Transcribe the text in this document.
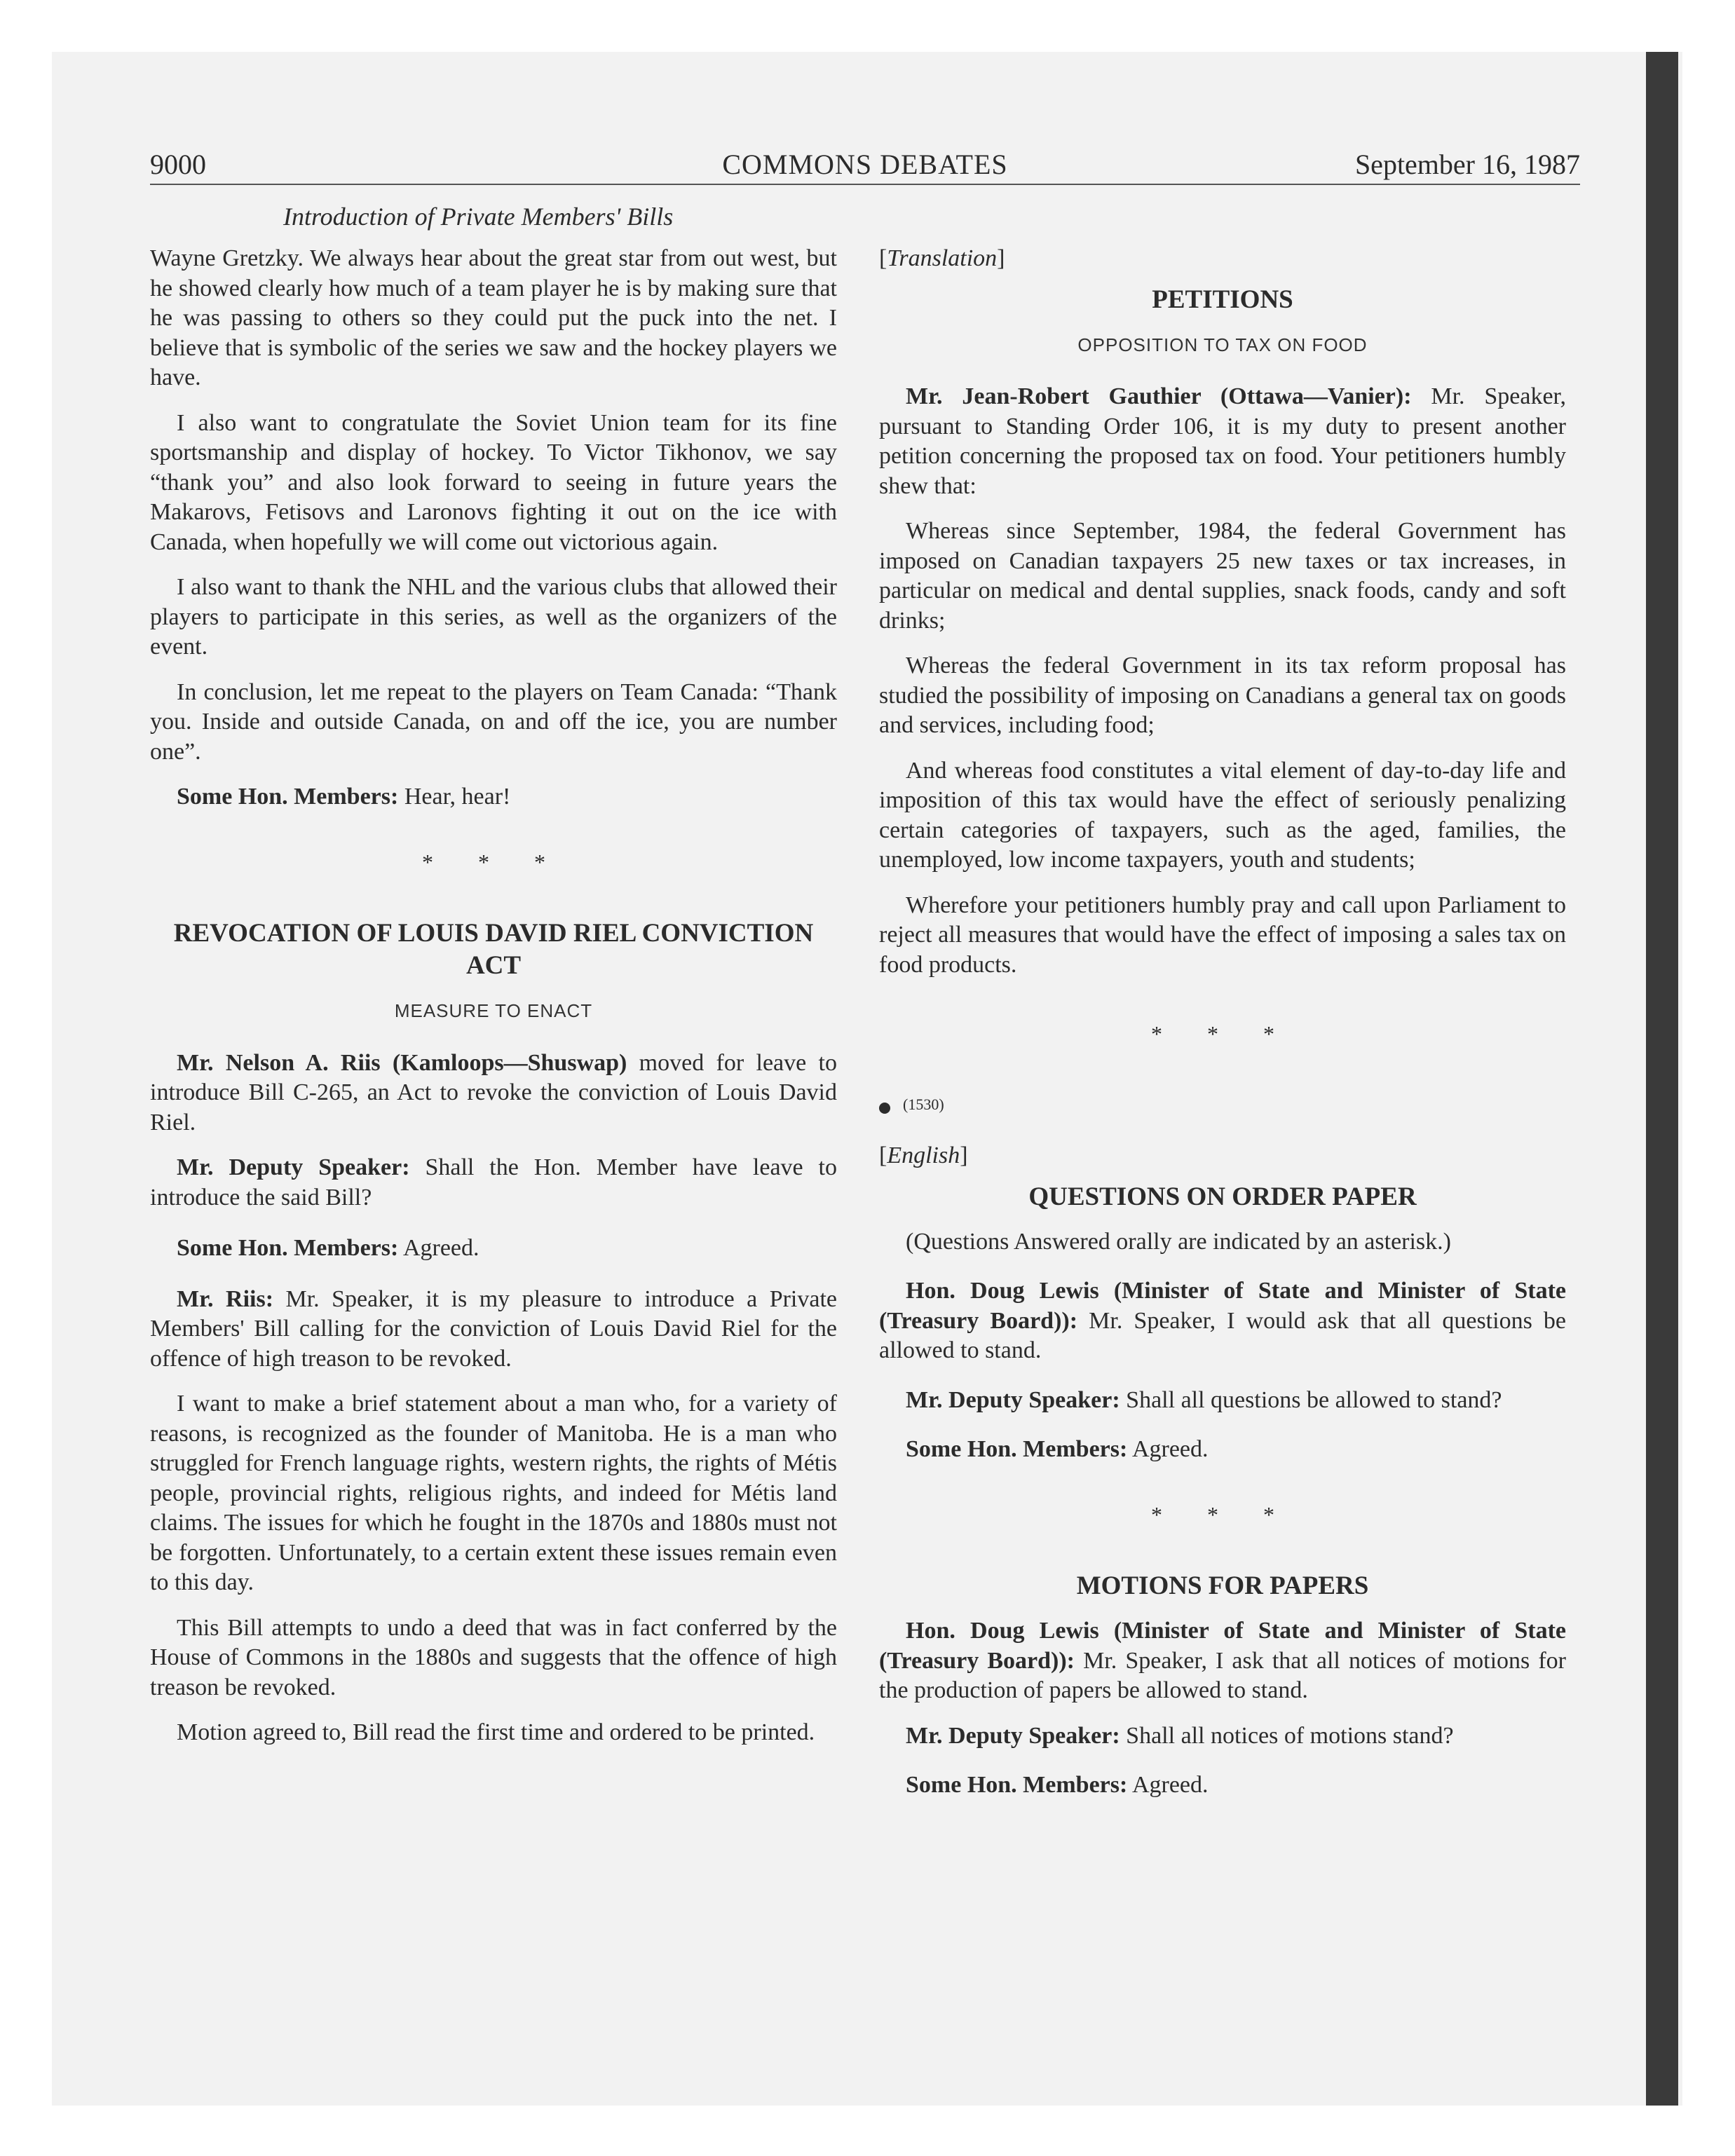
9000	COMMONS DEBATES	September 16, 1987
Introduction of Private Members' Bills

Wayne Gretzky. We always hear about the great star from out west, but he showed clearly how much of a team player he is by making sure that he was passing to others so they could put the puck into the net. I believe that is symbolic of the series we saw and the hockey players we have.

I also want to congratulate the Soviet Union team for its fine sportsmanship and display of hockey. To Victor Tikhonov, we say “thank you” and also look forward to seeing in future years the Makarovs, Fetisovs and Laronovs fighting it out on the ice with Canada, when hopefully we will come out victorious again.

I also want to thank the NHL and the various clubs that allowed their players to participate in this series, as well as the organizers of the event.

In conclusion, let me repeat to the players on Team Canada: “Thank you. Inside and outside Canada, on and off the ice, you are number one”.

Some Hon. Members: Hear, hear!

* * *
REVOCATION OF LOUIS DAVID RIEL CONVICTION ACT
MEASURE TO ENACT

Mr. Nelson A. Riis (Kamloops—Shuswap) moved for leave to introduce Bill C-265, an Act to revoke the conviction of Louis David Riel.

Mr. Deputy Speaker: Shall the Hon. Member have leave to introduce the said Bill?

Some Hon. Members: Agreed.

Mr. Riis: Mr. Speaker, it is my pleasure to introduce a Private Members' Bill calling for the conviction of Louis David Riel for the offence of high treason to be revoked.

I want to make a brief statement about a man who, for a variety of reasons, is recognized as the founder of Manitoba. He is a man who struggled for French language rights, western rights, the rights of Métis people, provincial rights, religious rights, and indeed for Métis land claims. The issues for which he fought in the 1870s and 1880s must not be forgotten. Unfortunately, to a certain extent these issues remain even to this day.

This Bill attempts to undo a deed that was in fact conferred by the House of Commons in the 1880s and suggests that the offence of high treason be revoked.

Motion agreed to, Bill read the first time and ordered to be printed.

[Translation]

PETITIONS
OPPOSITION TO TAX ON FOOD

Mr. Jean-Robert Gauthier (Ottawa—Vanier): Mr. Speaker, pursuant to Standing Order 106, it is my duty to present another petition concerning the proposed tax on food. Your petitioners humbly shew that:

Whereas since September, 1984, the federal Government has imposed on Canadian taxpayers 25 new taxes or tax increases, in particular on medical and dental supplies, snack foods, candy and soft drinks;

Whereas the federal Government in its tax reform proposal has studied the possibility of imposing on Canadians a general tax on goods and services, including food;

And whereas food constitutes a vital element of day-to-day life and imposition of this tax would have the effect of seriously penalizing certain categories of taxpayers, such as the aged, families, the unemployed, low income taxpayers, youth and students;

Wherefore your petitioners humbly pray and call upon Parliament to reject all measures that would have the effect of imposing a sales tax on food products.

* * *

(1530)

[English]

QUESTIONS ON ORDER PAPER

(Questions Answered orally are indicated by an asterisk.)

Hon. Doug Lewis (Minister of State and Minister of State (Treasury Board)): Mr. Speaker, I would ask that all questions be allowed to stand.

Mr. Deputy Speaker: Shall all questions be allowed to stand?

Some Hon. Members: Agreed.

* * *
MOTIONS FOR PAPERS

Hon. Doug Lewis (Minister of State and Minister of State (Treasury Board)): Mr. Speaker, I ask that all notices of motions for the production of papers be allowed to stand.

Mr. Deputy Speaker: Shall all notices of motions stand?

Some Hon. Members: Agreed.
